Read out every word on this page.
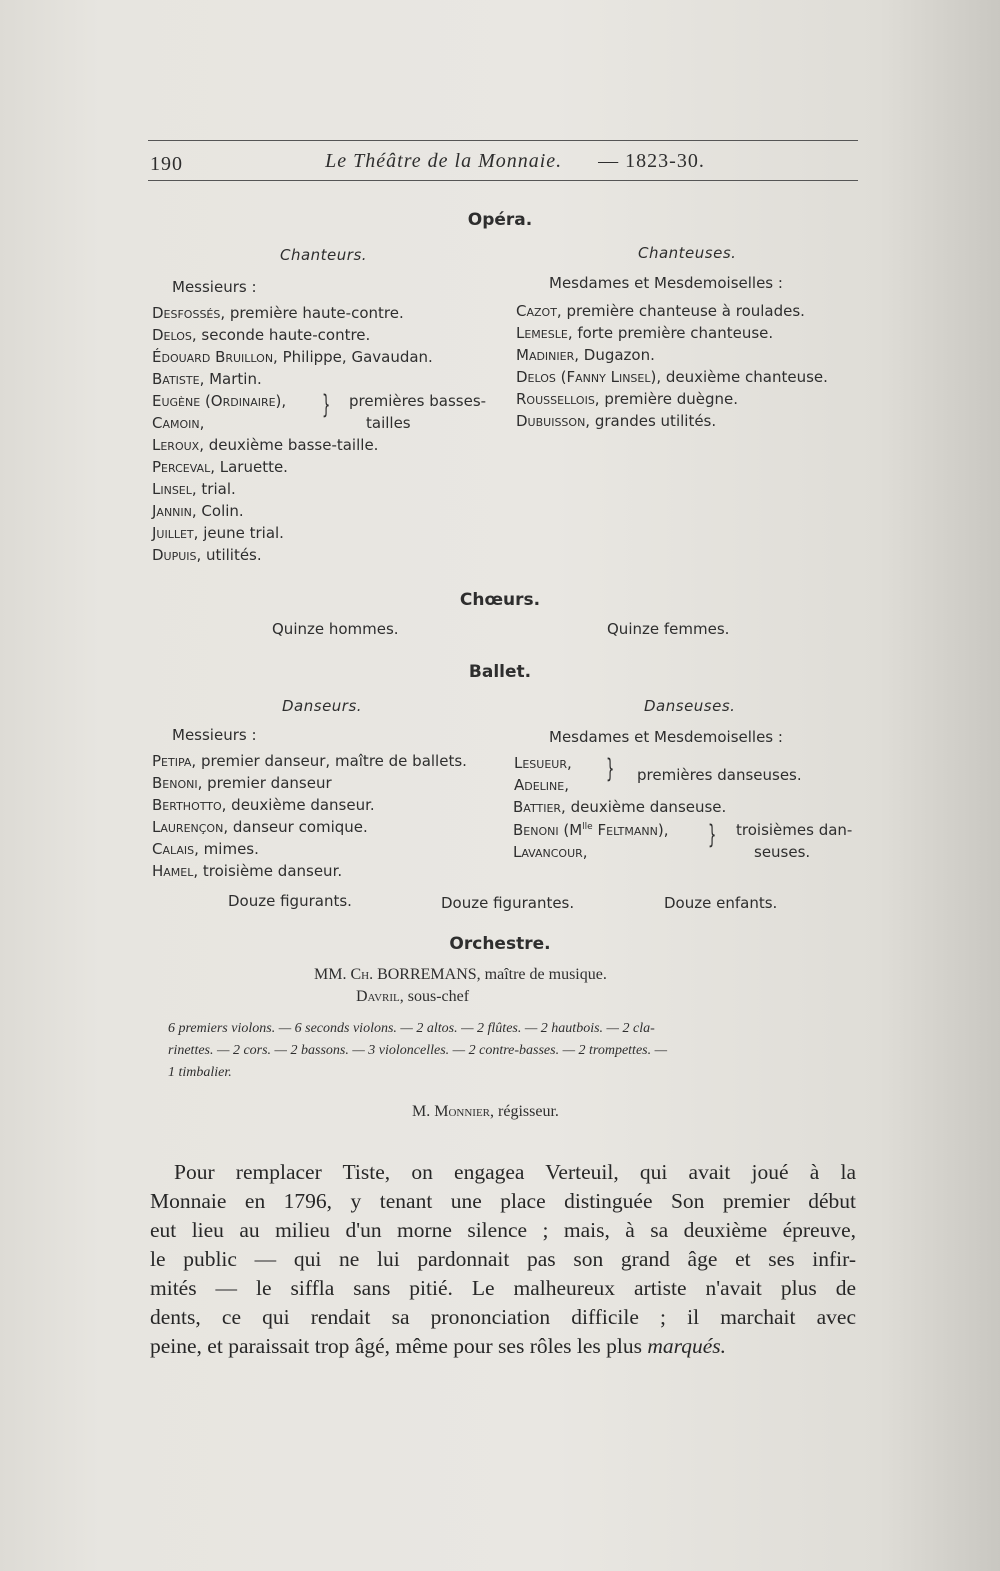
190	Le Théâtre de la Monnaie. — 1823-30.
Opéra.
Chanteurs.	Chanteuses.
Messieurs :	Mesdames et Mesdemoiselles :
Desfossés, première haute-contre.
Delos, seconde haute-contre.
Édouard Bruillon, Philippe, Gavaudan.
Batiste, Martin.
Eugène (Ordinaire),
Camoin,
} premières basses-
tailles
Leroux, deuxième basse-taille.
Perceval, Laruette.
Linsel, trial.
Jannin, Colin.
Juillet, jeune trial.
Dupuis, utilités.
Cazot, première chanteuse à roulades.
Lemesle, forte première chanteuse.
Madinier, Dugazon.
Delos (Fanny Linsel), deuxième chanteuse.
Roussellois, première duègne.
Dubuisson, grandes utilités.
Chœurs.
Quinze hommes.	Quinze femmes.
Ballet.
Danseurs.	Danseuses.
Messieurs :	Mesdames et Mesdemoiselles :
Petipa, premier danseur, maître de ballets.
Benoni, premier danseur
Berthotto, deuxième danseur.
Laurençon, danseur comique.
Calais, mimes.
Hamel, troisième danseur.
Lesueur,
Adeline,
} premières danseuses.
Battier, deuxième danseuse.
Benoni ($M^{lle}$ Feltmann),
Lavancour,
} troisièmes dan-
seuses.
Douze figurants.	Douze figurantes.	Douze enfants.
Orchestre.
MM. Ch. BORREMANS, maître de musique.
Davril, sous-chef
6 premiers violons. — 6 seconds violons. — 2 altos. — 2 flûtes. — 2 hautbois. — 2 cla-
rinettes. — 2 cors. — 2 bassons. — 3 violoncelles. — 2 contre-basses. — 2 trompettes. —
1 timbalier.
M. Monnier, régisseur.
Pour remplacer Tiste, on engagea Verteuil, qui avait joué à la
Monnaie en 1796, y tenant une place distinguée Son premier début
eut lieu au milieu d'un morne silence ; mais, à sa deuxième épreuve,
le public — qui ne lui pardonnait pas son grand âge et ses infir-
mités — le siffla sans pitié. Le malheureux artiste n'avait plus de
dents, ce qui rendait sa prononciation difficile ; il marchait avec
peine, et paraissait trop âgé, même pour ses rôles les plus marqués.
